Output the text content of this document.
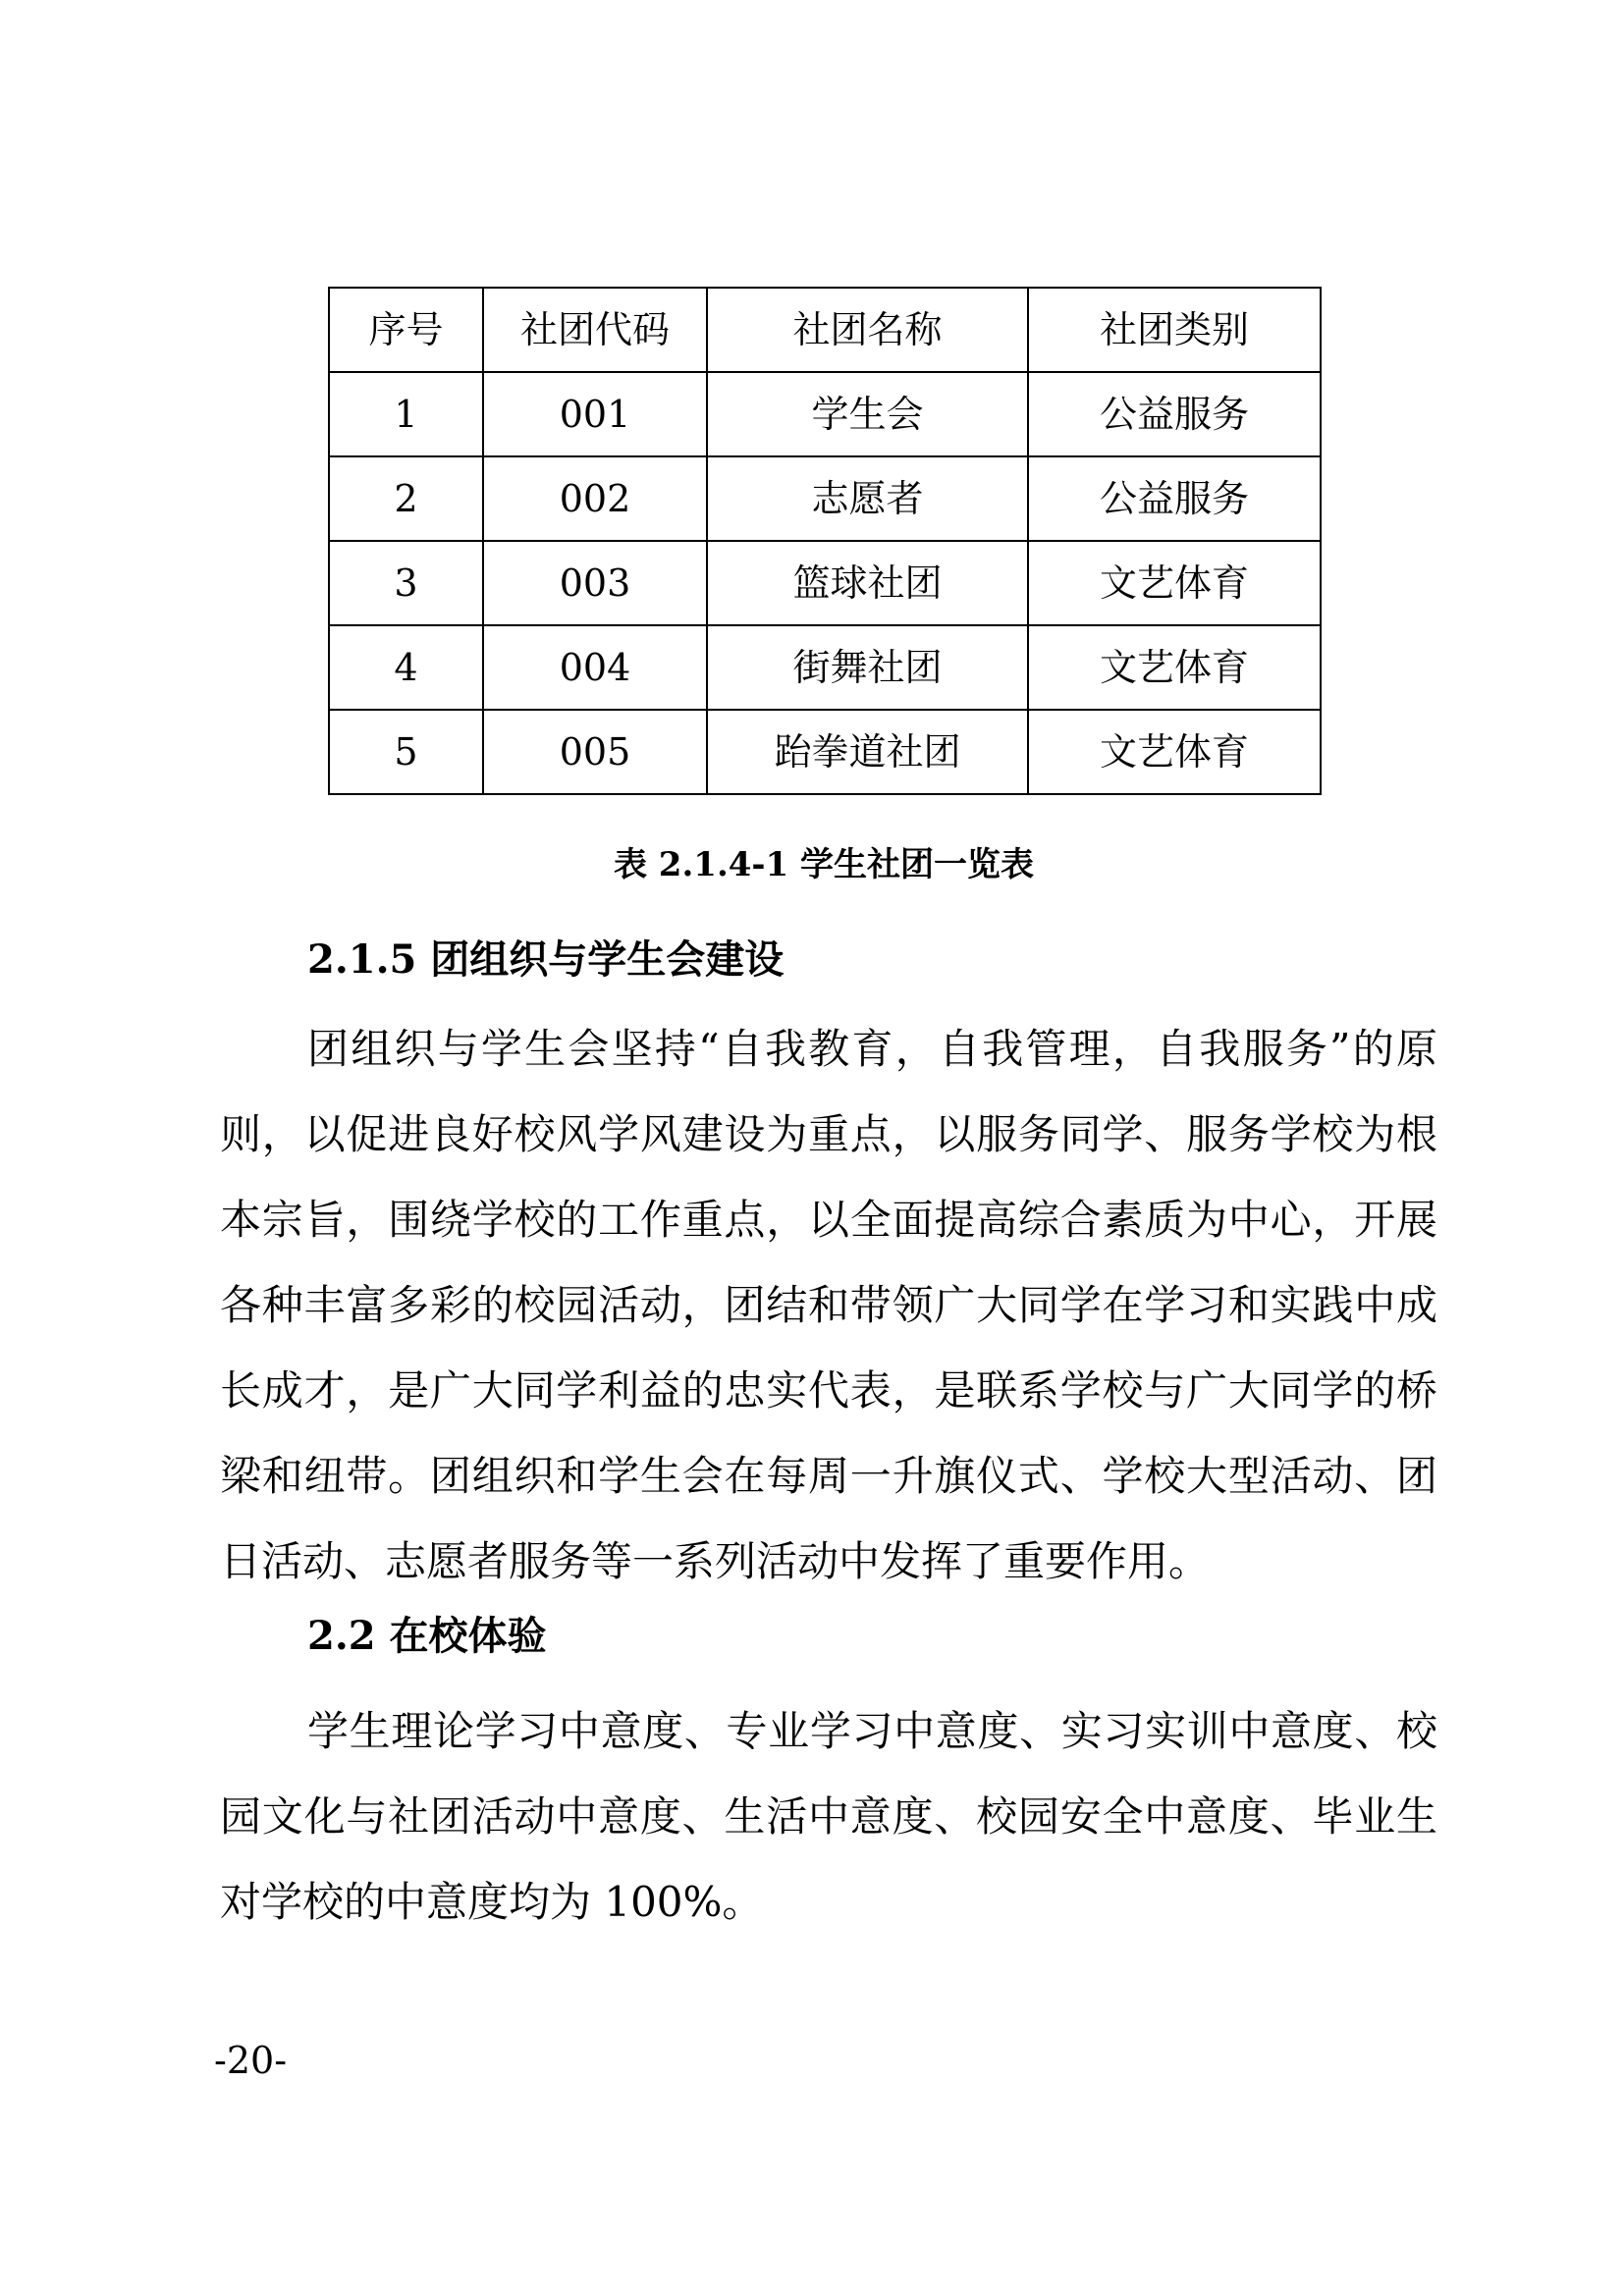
序号	社团代码	社团名称	社团类别
1	001	学生会	公益服务
2	002	志愿者	公益服务
3	003	篮球社团	文艺体育
4	004	街舞社团	文艺体育
5	005	跆拳道社团	文艺体育
表 2.1.4-1 学生社团一览表
2.1.5 团组织与学生会建设

团组织与学生会坚持“自我教育，自我管理，自我服务”的原则，以促进良好校风学风建设为重点，以服务同学、服务学校为根本宗旨，围绕学校的工作重点，以全面提高综合素质为中心，开展各种丰富多彩的校园活动，团结和带领广大同学在学习和实践中成长成才，是广大同学利益的忠实代表，是联系学校与广大同学的桥梁和纽带。团组织和学生会在每周一升旗仪式、学校大型活动、团日活动、志愿者服务等一系列活动中发挥了重要作用。

2.2 在校体验

学生理论学习中意度、专业学习中意度、实习实训中意度、校园文化与社团活动中意度、生活中意度、校园安全中意度、毕业生对学校的中意度均为 100%。

-20-
